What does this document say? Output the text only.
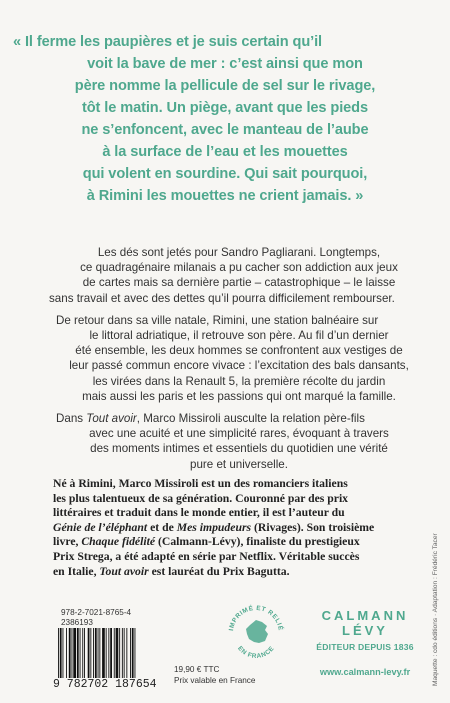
« Il ferme les paupières et je suis certain qu’il
voit la bave de mer : c’est ainsi que mon
père nomme la pellicule de sel sur le rivage,
tôt le matin. Un piège, avant que les pieds
ne s’enfoncent, avec le manteau de l’aube
à la surface de l’eau et les mouettes
qui volent en sourdine. Qui sait pourquoi,
à Rimini les mouettes ne crient jamais. »

Les dés sont jetés pour Sandro Pagliarani. Longtemps,
ce quadragénaire milanais a pu cacher son addiction aux jeux
de cartes mais sa dernière partie – catastrophique – le laisse
sans travail et avec des dettes qu’il pourra difficilement rembourser.

De retour dans sa ville natale, Rimini, une station balnéaire sur
le littoral adriatique, il retrouve son père. Au fil d’un dernier
été ensemble, les deux hommes se confrontent aux vestiges de
leur passé commun encore vivace : l’excitation des bals dansants,
les virées dans la Renault 5, la première récolte du jardin
mais aussi les paris et les passions qui ont marqué la famille.

Dans Tout avoir, Marco Missiroli ausculte la relation père-fils
avec une acuité et une simplicité rares, évoquant à travers
des moments intimes et essentiels du quotidien une vérité
pure et universelle.

Né à Rimini, Marco Missiroli est un des romanciers italiens
les plus talentueux de sa génération. Couronné par des prix
littéraires et traduit dans le monde entier, il est l’auteur du
Génie de l’éléphant et de Mes impudeurs (Rivages). Son troisième
livre, Chaque fidélité (Calmann-Lévy), finaliste du prestigieux
Prix Strega, a été adapté en série par Netflix. Véritable succès
en Italie, Tout avoir est lauréat du Prix Bagutta.	Maquette : cdo éditions · Adaptation : Frédéric Tacer
978-2-7021-8765-4
2386193
9 782702 187654
19,90 € TTC
Prix valable en France
IMPRIMÉ ET RELIÉ
EN FRANCE
CALMANN
LÉVY
ÉDITEUR DEPUIS 1836
www.calmann-levy.fr
